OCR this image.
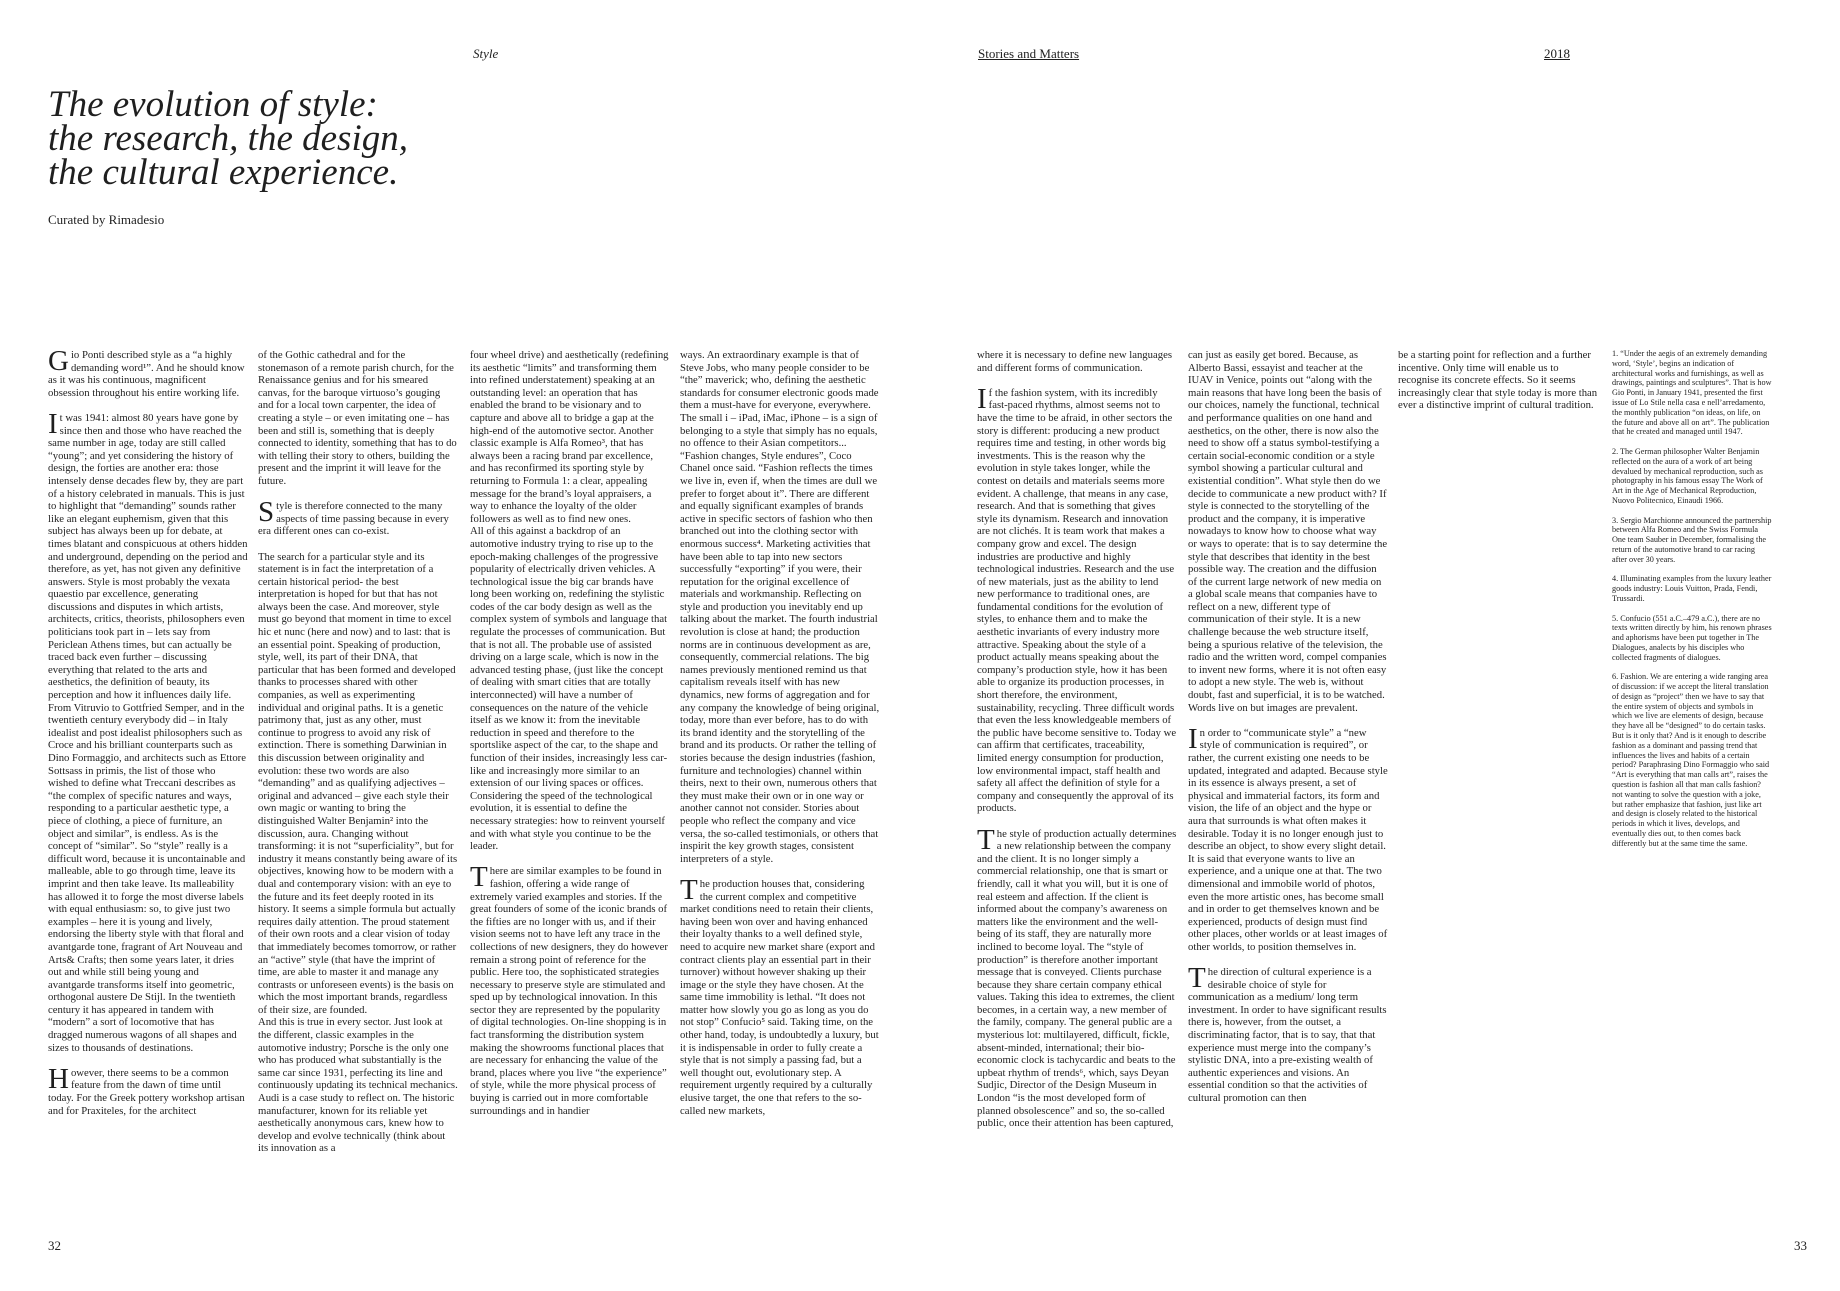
Style	Stories and Matters	2018
The evolution of style:
the research, the design,
the cultural experience.
Curated by Rimadesio

Gio Ponti described style as a “a highly demanding word¹”. And he should know as it was his continuous, magnificent obsession throughout his entire working life.

It was 1941: almost 80 years have gone by since then and those who have reached the same number in age, today are still called “young”; and yet considering the history of design, the forties are another era: those intensely dense decades flew by, they are part of a history celebrated in manuals. This is just to highlight that “demanding” sounds rather like an elegant euphemism, given that this subject has always been up for debate, at times blatant and conspicuous at others hidden and underground, depending on the period and therefore, as yet, has not given any definitive answers. Style is most probably the vexata quaestio par excellence, generating discussions and disputes in which artists, architects, critics, theorists, philosophers even politicians took part in – lets say from Periclean Athens times, but can actually be traced back even further – discussing everything that related to the arts and aesthetics, the definition of beauty, its perception and how it influences daily life. From Vitruvio to Gottfried Semper, and in the twentieth century everybody did – in Italy idealist and post idealist philosophers such as Croce and his brilliant counterparts such as Dino Formaggio, and architects such as Ettore Sottsass in primis, the list of those who wished to define what Treccani describes as “the complex of specific natures and ways, responding to a particular aesthetic type, a piece of clothing, a piece of furniture, an object and similar”, is endless. As is the concept of “similar”. So “style” really is a difficult word, because it is uncontainable and malleable, able to go through time, leave its imprint and then take leave. Its malleability has allowed it to forge the most diverse labels with equal enthusiasm: so, to give just two examples – here it is young and lively, endorsing the liberty style with that floral and avantgarde tone, fragrant of Art Nouveau and Arts& Crafts; then some years later, it dries out and while still being young and avantgarde transforms itself into geometric, orthogonal austere De Stijl. In the twentieth century it has appeared in tandem with “modern” a sort of locomotive that has dragged numerous wagons of all shapes and sizes to thousands of destinations.

However, there seems to be a common feature from the dawn of time until today. For the Greek pottery workshop artisan and for Praxiteles, for the architect

of the Gothic cathedral and for the stonemason of a remote parish church, for the Renaissance genius and for his smeared canvas, for the baroque virtuoso’s gouging and for a local town carpenter, the idea of creating a style – or even imitating one – has been and still is, something that is deeply connected to identity, something that has to do with telling their story to others, building the present and the imprint it will leave for the future.

Style is therefore connected to the many aspects of time passing because in every era different ones can co-exist.

The search for a particular style and its statement is in fact the interpretation of a certain historical period- the best interpretation is hoped for but that has not always been the case. And moreover, style must go beyond that moment in time to excel hic et nunc (here and now) and to last: that is an essential point. Speaking of production, style, well, its part of their DNA, that particular that has been formed and developed thanks to processes shared with other companies, as well as experimenting individual and original paths. It is a genetic patrimony that, just as any other, must continue to progress to avoid any risk of extinction. There is something Darwinian in this discussion between originality and evolution: these two words are also “demanding” and as qualifying adjectives – original and advanced – give each style their own magic or wanting to bring the distinguished Walter Benjamin² into the discussion, aura. Changing without transforming: it is not “superficiality”, but for industry it means constantly being aware of its objectives, knowing how to be modern with a dual and contemporary vision: with an eye to the future and its feet deeply rooted in its history. It seems a simple formula but actually requires daily attention. The proud statement of their own roots and a clear vision of today that immediately becomes tomorrow, or rather an “active” style (that have the imprint of time, are able to master it and manage any contrasts or unforeseen events) is the basis on which the most important brands, regardless of their size, are founded.

And this is true in every sector. Just look at the different, classic examples in the automotive industry; Porsche is the only one who has produced what substantially is the same car since 1931, perfecting its line and continuously updating its technical mechanics. Audi is a case study to reflect on. The historic manufacturer, known for its reliable yet aesthetically anonymous cars, knew how to develop and evolve technically (think about its innovation as a

four wheel drive) and aesthetically (redefining its aesthetic “limits” and transforming them into refined understatement) speaking at an outstanding level: an operation that has enabled the brand to be visionary and to capture and above all to bridge a gap at the high-end of the automotive sector. Another classic example is Alfa Romeo³, that has always been a racing brand par excellence, and has reconfirmed its sporting style by returning to Formula 1: a clear, appealing message for the brand’s loyal appraisers, a way to enhance the loyalty of the older followers as well as to find new ones.

All of this against a backdrop of an automotive industry trying to rise up to the epoch-making challenges of the progressive popularity of electrically driven vehicles. A technological issue the big car brands have long been working on, redefining the stylistic codes of the car body design as well as the complex system of symbols and language that regulate the processes of communication. But that is not all. The probable use of assisted driving on a large scale, which is now in the advanced testing phase, (just like the concept of dealing with smart cities that are totally interconnected) will have a number of consequences on the nature of the vehicle itself as we know it: from the inevitable reduction in speed and therefore to the sportslike aspect of the car, to the shape and function of their insides, increasingly less car-like and increasingly more similar to an extension of our living spaces or offices. Considering the speed of the technological evolution, it is essential to define the necessary strategies: how to reinvent yourself and with what style you continue to be the leader.

There are similar examples to be found in fashion, offering a wide range of extremely varied examples and stories. If the great founders of some of the iconic brands of the fifties are no longer with us, and if their vision seems not to have left any trace in the collections of new designers, they do however remain a strong point of reference for the public. Here too, the sophisticated strategies necessary to preserve style are stimulated and sped up by technological innovation. In this sector they are represented by the popularity of digital technologies. On-line shopping is in fact transforming the distribution system making the showrooms functional places that are necessary for enhancing the value of the brand, places where you live “the experience” of style, while the more physical process of buying is carried out in more comfortable surroundings and in handier

ways. An extraordinary example is that of Steve Jobs, who many people consider to be “the” maverick; who, defining the aesthetic standards for consumer electronic goods made them a must-have for everyone, everywhere. The small i – iPad, iMac, iPhone – is a sign of belonging to a style that simply has no equals, no offence to their Asian competitors... “Fashion changes, Style endures”, Coco Chanel once said. “Fashion reflects the times we live in, even if, when the times are dull we prefer to forget about it”. There are different and equally significant examples of brands active in specific sectors of fashion who then branched out into the clothing sector with enormous success⁴. Marketing activities that have been able to tap into new sectors successfully “exporting” if you were, their reputation for the original excellence of materials and workmanship. Reflecting on style and production you inevitably end up talking about the market. The fourth industrial revolution is close at hand; the production norms are in continuous development as are, consequently, commercial relations. The big names previously mentioned remind us that capitalism reveals itself with has new dynamics, new forms of aggregation and for any company the knowledge of being original, today, more than ever before, has to do with its brand identity and the storytelling of the brand and its products. Or rather the telling of stories because the design industries (fashion, furniture and technologies) channel within theirs, next to their own, numerous others that they must make their own or in one way or another cannot not consider. Stories about people who reflect the company and vice versa, the so-called testimonials, or others that inspirit the key growth stages, consistent interpreters of a style.

The production houses that, considering the current complex and competitive market conditions need to retain their clients, having been won over and having enhanced their loyalty thanks to a well defined style, need to acquire new market share (export and contract clients play an essential part in their turnover) without however shaking up their image or the style they have chosen. At the same time immobility is lethal. “It does not matter how slowly you go as long as you do not stop” Confucio⁵ said. Taking time, on the other hand, today, is undoubtedly a luxury, but it is indispensable in order to fully create a style that is not simply a passing fad, but a well thought out, evolutionary step. A requirement urgently required by a culturally elusive target, the one that refers to the so-called new markets,

where it is necessary to define new languages and different forms of communication.

If the fashion system, with its incredibly fast-paced rhythms, almost seems not to have the time to be afraid, in other sectors the story is different: producing a new product requires time and testing, in other words big investments. This is the reason why the evolution in style takes longer, while the contest on details and materials seems more evident. A challenge, that means in any case, research. And that is something that gives style its dynamism. Research and innovation are not clichés. It is team work that makes a company grow and excel. The design industries are productive and highly technological industries. Research and the use of new materials, just as the ability to lend new performance to traditional ones, are fundamental conditions for the evolution of styles, to enhance them and to make the aesthetic invariants of every industry more attractive. Speaking about the style of a product actually means speaking about the company’s production style, how it has been able to organize its production processes, in short therefore, the environment, sustainability, recycling. Three difficult words that even the less knowledgeable members of the public have become sensitive to. Today we can affirm that certificates, traceability, limited energy consumption for production, low environmental impact, staff health and safety all affect the definition of style for a company and consequently the approval of its products.

The style of production actually determines a new relationship between the company and the client. It is no longer simply a commercial relationship, one that is smart or friendly, call it what you will, but it is one of real esteem and affection. If the client is informed about the company’s awareness on matters like the environment and the well-being of its staff, they are naturally more inclined to become loyal. The “style of production” is therefore another important message that is conveyed. Clients purchase because they share certain company ethical values. Taking this idea to extremes, the client becomes, in a certain way, a new member of the family, company. The general public are a mysterious lot: multilayered, difficult, fickle, absent-minded, international; their bio-economic clock is tachycardic and beats to the upbeat rhythm of trends⁶, which, says Deyan Sudjic, Director of the Design Museum in London “is the most developed form of planned obsolescence” and so, the so-called public, once their attention has been captured,

can just as easily get bored. Because, as Alberto Bassi, essayist and teacher at the IUAV in Venice, points out “along with the main reasons that have long been the basis of our choices, namely the functional, technical and performance qualities on one hand and aesthetics, on the other, there is now also the need to show off a status symbol-testifying a certain social-economic condition or a style symbol showing a particular cultural and existential condition”. What style then do we decide to communicate a new product with? If style is connected to the storytelling of the product and the company, it is imperative nowadays to know how to choose what way or ways to operate: that is to say determine the style that describes that identity in the best possible way. The creation and the diffusion of the current large network of new media on a global scale means that companies have to reflect on a new, different type of communication of their style. It is a new challenge because the web structure itself, being a spurious relative of the television, the radio and the written word, compel companies to invent new forms, where it is not often easy to adopt a new style. The web is, without doubt, fast and superficial, it is to be watched. Words live on but images are prevalent.

In order to “communicate style” a “new style of communication is required”, or rather, the current existing one needs to be updated, integrated and adapted. Because style in its essence is always present, a set of physical and immaterial factors, its form and vision, the life of an object and the hype or aura that surrounds is what often makes it desirable. Today it is no longer enough just to describe an object, to show every slight detail. It is said that everyone wants to live an experience, and a unique one at that. The two dimensional and immobile world of photos, even the more artistic ones, has become small and in order to get themselves known and be experienced, products of design must find other places, other worlds or at least images of other worlds, to position themselves in.

The direction of cultural experience is a desirable choice of style for communication as a medium/ long term investment. In order to have significant results there is, however, from the outset, a discriminating factor, that is to say, that that experience must merge into the company’s stylistic DNA, into a pre-existing wealth of authentic experiences and visions. An essential condition so that the activities of cultural promotion can then

be a starting point for reflection and a further incentive. Only time will enable us to recognise its concrete effects. So it seems increasingly clear that style today is more than ever a distinctive imprint of cultural tradition.

1. “Under the aegis of an extremely demanding word, ‘Style’, begins an indication of architectural works and furnishings, as well as drawings, paintings and sculptures”. That is how Gio Ponti, in January 1941, presented the first issue of Lo Stile nella casa e nell’arredamento, the monthly publication “on ideas, on life, on the future and above all on art”. The publication that he created and managed until 1947.

2. The German philosopher Walter Benjamin reflected on the aura of a work of art being devalued by mechanical reproduction, such as photography in his famous essay The Work of Art in the Age of Mechanical Reproduction, Nuovo Politecnico, Einaudi 1966.

3. Sergio Marchionne announced the partnership between Alfa Romeo and the Swiss Formula One team Sauber in December, formalising the return of the automotive brand to car racing after over 30 years.

4. Illuminating examples from the luxury leather goods industry: Louis Vuitton, Prada, Fendi, Trussardi.

5. Confucio (551 a.C.–479 a.C.), there are no texts written directly by him, his renown phrases and aphorisms have been put together in The Dialogues, analects by his disciples who collected fragments of dialogues.

6. Fashion. We are entering a wide ranging area of discussion: if we accept the literal translation of design as “project” then we have to say that the entire system of objects and symbols in which we live are elements of design, because they have all be “designed” to do certain tasks. But is it only that? And is it enough to describe fashion as a dominant and passing trend that influences the lives and habits of a certain period? Paraphrasing Dino Formaggio who said “Art is everything that man calls art”, raises the question is fashion all that man calls fashion? not wanting to solve the question with a joke, but rather emphasize that fashion, just like art and design is closely related to the historical periods in which it lives, develops, and eventually dies out, to then comes back differently but at the same time the same.

32	33
